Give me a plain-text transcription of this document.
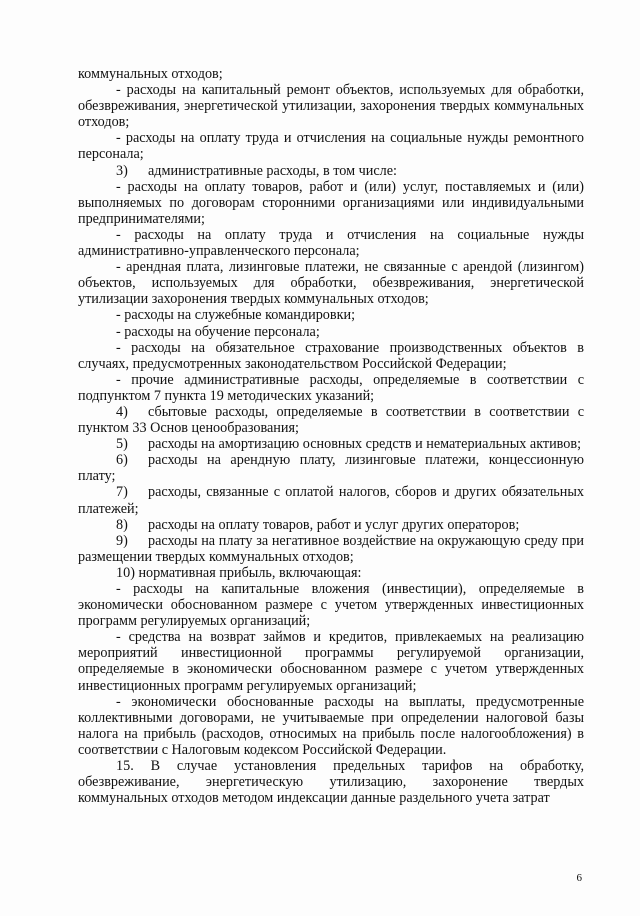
коммунальных отходов;

- расходы на капитальный ремонт объектов, используемых для обработки, обезвреживания, энергетической утилизации, захоронения твердых коммунальных отходов;

- расходы на оплату труда и отчисления на социальные нужды ремонтного персонала;

3)	административные расходы, в том числе:

- расходы на оплату товаров, работ и (или) услуг, поставляемых и (или) выполняемых по договорам сторонними организациями или индивидуальными предпринимателями;

- расходы на оплату труда и отчисления на социальные нужды административно-управленческого персонала;

- арендная плата, лизинговые платежи, не связанные с арендой (лизингом) объектов, используемых для обработки, обезвреживания, энергетической утилизации захоронения твердых коммунальных отходов;

- расходы на служебные командировки;

- расходы на обучение персонала;

- расходы на обязательное страхование производственных объектов в случаях, предусмотренных законодательством Российской Федерации;

- прочие административные расходы, определяемые в соответствии с подпунктом 7 пункта 19 методических указаний;

4) сбытовые расходы, определяемые в соответствии в соответствии с пунктом 33 Основ ценообразования;

5) расходы на амортизацию основных средств и нематериальных активов;

6) расходы на арендную плату, лизинговые платежи, концессионную плату;

7) расходы, связанные с оплатой налогов, сборов и других обязательных платежей;

8) расходы на оплату товаров, работ и услуг других операторов;

9) расходы на плату за негативное воздействие на окружающую среду при размещении твердых коммунальных отходов;

10) нормативная прибыль, включающая:

- расходы на капитальные вложения (инвестиции), определяемые в экономически обоснованном размере с учетом утвержденных инвестиционных программ регулируемых организаций;

- средства на возврат займов и кредитов, привлекаемых на реализацию мероприятий инвестиционной программы регулируемой организации, определяемые в экономически обоснованном размере с учетом утвержденных инвестиционных программ регулируемых организаций;

- экономически обоснованные расходы на выплаты, предусмотренные коллективными договорами, не учитываемые при определении налоговой базы налога на прибыль (расходов, относимых на прибыль после налогообложения) в соответствии с Налоговым кодексом Российской Федерации.

15. В случае установления предельных тарифов на обработку, обезвреживание, энергетическую утилизацию, захоронение твердых коммунальных отходов методом индексации данные раздельного учета затрат

6
